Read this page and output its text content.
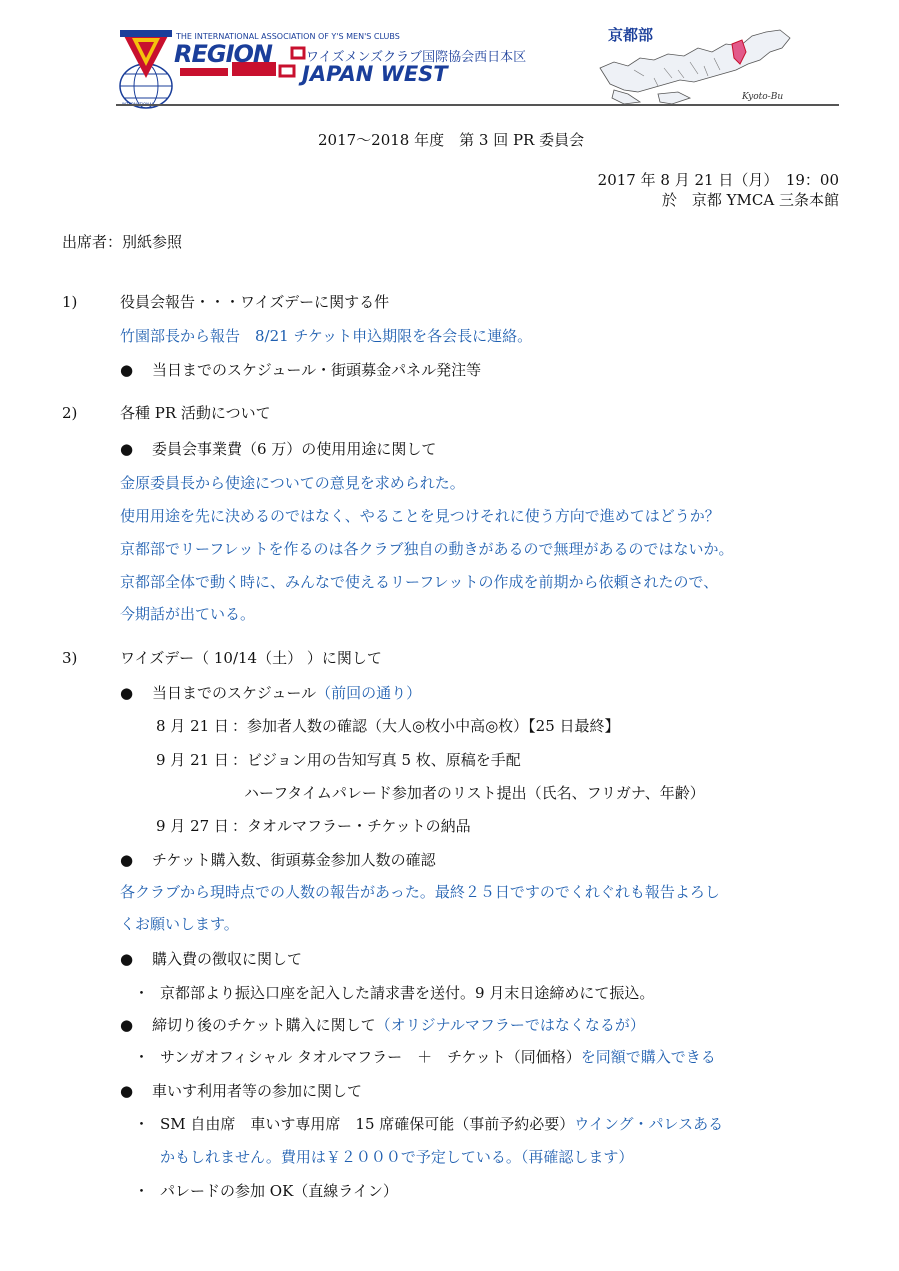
THE INTERNATIONAL ASSOCIATION OF Y'S MEN'S CLUBS
REGION	ワイズメンズクラブ国際協会西日本区
JAPAN WEST
京都部
Kyoto-Bu
2017～2018 年度　第 3 回 PR 委員会
2017 年 8 月 21 日（月）　19：00
於　京都 YMCA 三条本館
出席者：別紙参照
1)	役員会報告・・・ワイズデーに関する件
竹園部長から報告　8/21 チケット申込期限を各会長に連絡。
● 当日までのスケジュール・街頭募金パネル発注等
2)	各種 PR 活動について
● 委員会事業費（6 万）の使用用途に関して
金原委員長から使途についての意見を求められた。
使用用途を先に決めるのではなく、やることを見つけそれに使う方向で進めてはどうか？
京都部でリーフレットを作るのは各クラブ独自の動きがあるので無理があるのではないか。
京都部全体で動く時に、みんなで使えるリーフレットの作成を前期から依頼されたので、
今期話が出ている。
3)	ワイズデー（ 10/14（土） ）に関して
● 当日までのスケジュール（前回の通り）
8 月 21 日 ：参加者人数の確認（大人◎枚小中高◎枚）【25 日最終】
9 月 21 日 ：ビジョン用の告知写真 5 枚、原稿を手配
ハーフタイムパレード参加者のリスト提出（氏名、フリガナ、年齢）
9 月 27 日 ：タオルマフラー・チケットの納品
● チケット購入数、街頭募金参加人数の確認
各クラブから現時点での人数の報告があった。最終２５日ですのでくれぐれも報告よろし
くお願いします。
● 購入費の徴収に関して
・ 京都部より振込口座を記入した請求書を送付。9 月末日途締めにて振込。
● 締切り後のチケット購入に関して（オリジナルマフラーではなくなるが）
・ サンガオフィシャル タオルマフラー　＋　チケット（同価格）を同額で購入できる
● 車いす利用者等の参加に関して
・ SM 自由席　車いす専用席　15 席確保可能（事前予約必要）ウイング・パレスある
かもしれません。費用は￥２０００で予定している。（再確認します）
・ パレードの参加 OK（直線ライン）
